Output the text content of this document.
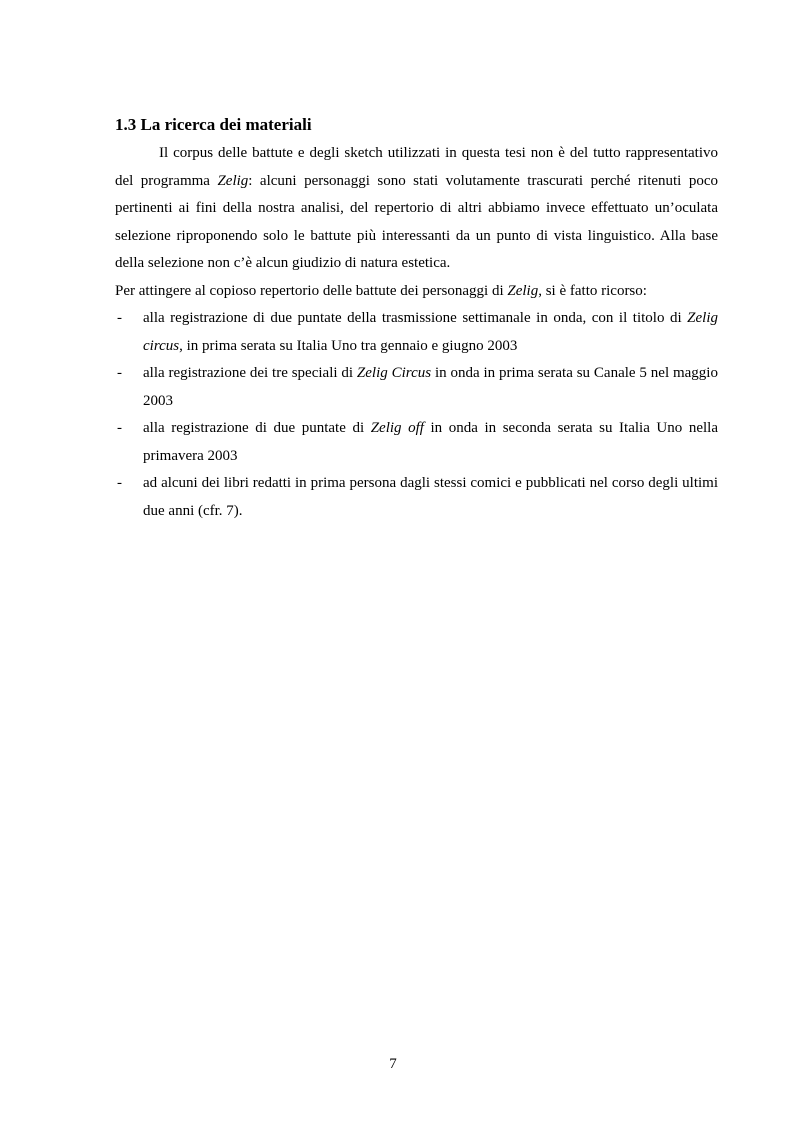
1.3 La ricerca dei materiali

Il corpus delle battute e degli sketch utilizzati in questa tesi non è del tutto rappresentativo del programma Zelig: alcuni personaggi sono stati volutamente trascurati perché ritenuti poco pertinenti ai fini della nostra analisi, del repertorio di altri abbiamo invece effettuato un’oculata selezione riproponendo solo le battute più interessanti da un punto di vista linguistico. Alla base della selezione non c’è alcun giudizio di natura estetica.

Per attingere al copioso repertorio delle battute dei personaggi di Zelig, si è fatto ricorso:

- alla registrazione di due puntate della trasmissione settimanale in onda, con il titolo di Zelig circus, in prima serata su Italia Uno tra gennaio e giugno 2003
- alla registrazione dei tre speciali di Zelig Circus in onda in prima serata su Canale 5 nel maggio 2003
- alla registrazione di due puntate di Zelig off in onda in seconda serata su Italia Uno nella primavera 2003
- ad alcuni dei libri redatti in prima persona dagli stessi comici e pubblicati nel corso degli ultimi due anni (cfr. 7).
7
